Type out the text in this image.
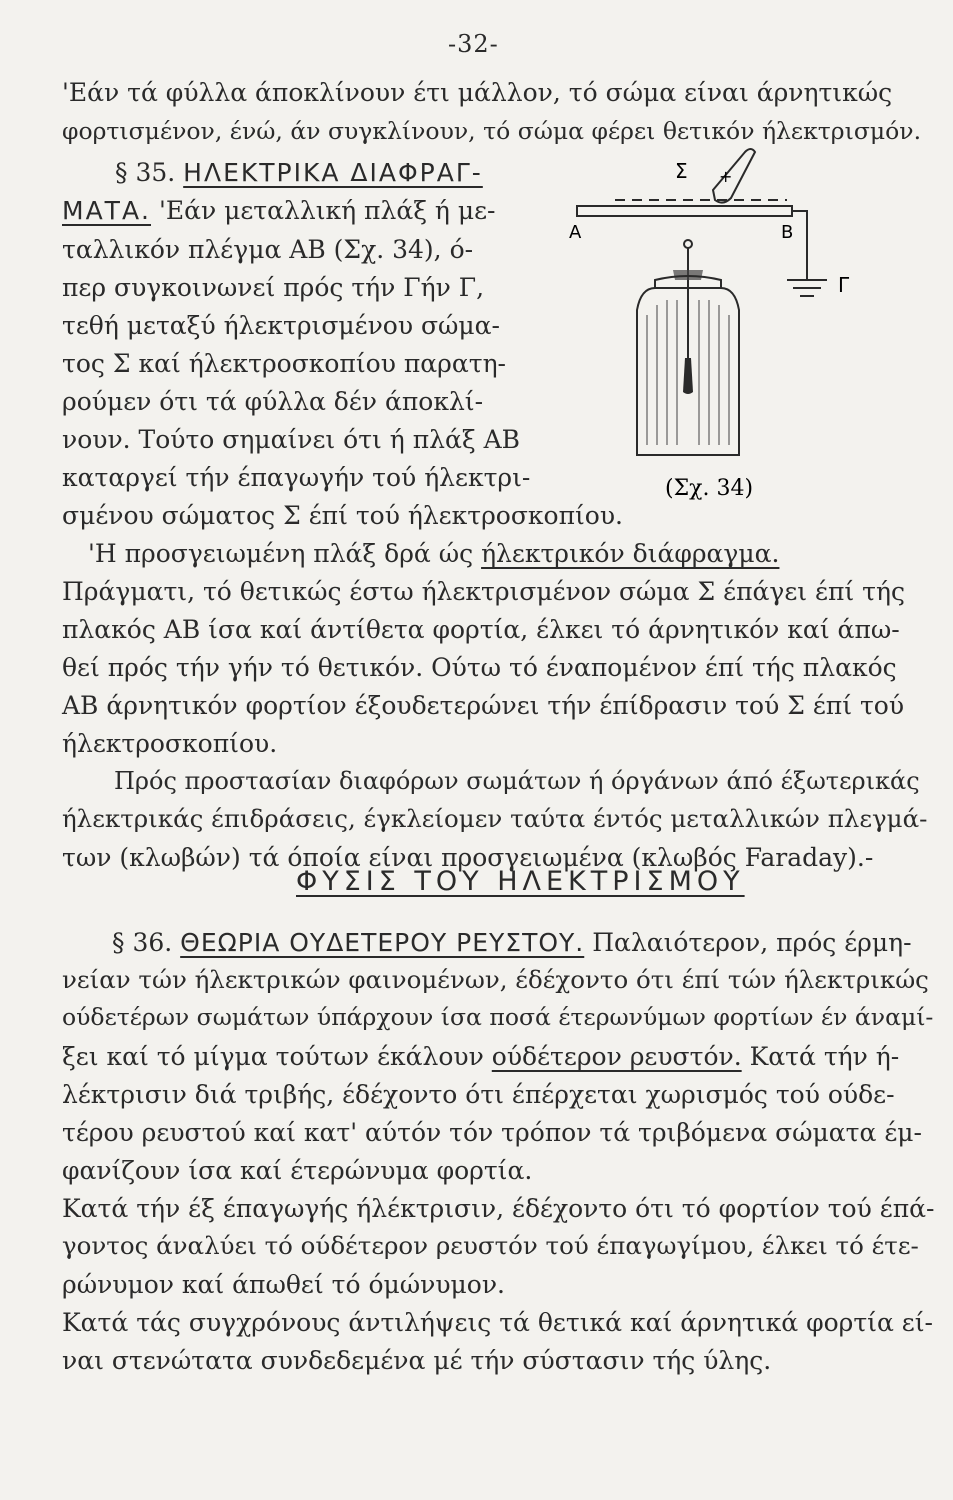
-32-
'Εάν τά φύλλα άποκλίνουν έτι μάλλον, τό σώμα είναι άρνητικώς
φορτισμένον, ένώ, άν συγκλίνουν, τό σώμα φέρει θετικόν ήλεκτρισμόν.
§ 35. ΗΛΕΚΤΡΙΚΑ ΔΙΑΦΡΑΓ-
ΜΑΤΑ. 'Εάν μεταλλική πλάξ ή με-
ταλλικόν πλέγμα ΑΒ (Σχ. 34), ό-
περ συγκοινωνεί πρός τήν Γήν Γ,
τεθή μεταξύ ήλεκτρισμένου σώμα-
τος Σ καί ήλεκτροσκοπίου παρατη-
ρούμεν ότι τά φύλλα δέν άποκλί-
νουν. Τούτο σημαίνει ότι ή πλάξ ΑΒ
καταργεί τήν έπαγωγήν τού ήλεκτρι-
σμένου σώματος Σ έπί τού ήλεκτροσκοπίου.
+
Σ
Α	Β
Γ
(Σχ. 34)
'Η προσγειωμένη πλάξ δρά ώς ήλεκτρικόν διάφραγμα.
Πράγματι, τό θετικώς έστω ήλεκτρισμένον σώμα Σ έπάγει έπί τής
πλακός ΑΒ ίσα καί άντίθετα φορτία, έλκει τό άρνητικόν καί άπω-
θεί πρός τήν γήν τό θετικόν. Ούτω τό έναπομένον έπί τής πλακός
ΑΒ άρνητικόν φορτίον έξουδετερώνει τήν έπίδρασιν τού Σ έπί τού
ήλεκτροσκοπίου.
Πρός προστασίαν διαφόρων σωμάτων ή όργάνων άπό έξωτερικάς
ήλεκτρικάς έπιδράσεις, έγκλείομεν ταύτα έντός μεταλλικών πλεγμά-
των (κλωβών) τά όποία είναι προσγειωμένα (κλωβός Faraday).-
ΦΥΣΙΣ ΤΟΥ ΗΛΕΚΤΡΙΣΜΟΥ
§ 36. ΘΕΩΡΙΑ ΟΥΔΕΤΕΡΟΥ ΡΕΥΣΤΟΥ. Παλαιότερον, πρός έρμη-
νείαν τών ήλεκτρικών φαινομένων, έδέχοντο ότι έπί τών ήλεκτρικώς
ούδετέρων σωμάτων ύπάρχουν ίσα ποσά έτερωνύμων φορτίων έν άναμί-
ξει καί τό μίγμα τούτων έκάλουν ούδέτερον ρευστόν. Κατά τήν ή-
λέκτρισιν διά τριβής, έδέχοντο ότι έπέρχεται χωρισμός τού ούδε-
τέρου ρευστού καί κατ' αύτόν τόν τρόπον τά τριβόμενα σώματα έμ-
φανίζουν ίσα καί έτερώνυμα φορτία.
Κατά τήν έξ έπαγωγής ήλέκτρισιν, έδέχοντο ότι τό φορτίον τού έπά-
γοντος άναλύει τό ούδέτερον ρευστόν τού έπαγωγίμου, έλκει τό έτε-
ρώνυμον καί άπωθεί τό όμώνυμον.
Κατά τάς συγχρόνους άντιλήψεις τά θετικά καί άρνητικά φορτία εί-
ναι στενώτατα συνδεδεμένα μέ τήν σύστασιν τής ύλης.
